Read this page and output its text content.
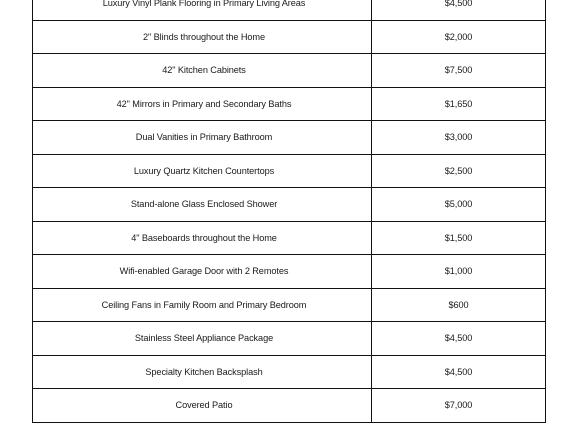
Luxury Vinyl Plank Flooring in Primary Living Areas	$4,500
2" Blinds throughout the Home	$2,000
42" Kitchen Cabinets	$7,500
42" Mirrors in Primary and Secondary Baths	$1,650
Dual Vanities in Primary Bathroom	$3,000
Luxury Quartz Kitchen Countertops	$2,500
Stand-alone Glass Enclosed Shower	$5,000
4" Baseboards throughout the Home	$1,500
Wifi-enabled Garage Door with 2 Remotes	$1,000
Ceiling Fans in Family Room and Primary Bedroom	$600
Stainless Steel Appliance Package	$4,500
Specialty Kitchen Backsplash	$4,500
Covered Patio	$7,000
